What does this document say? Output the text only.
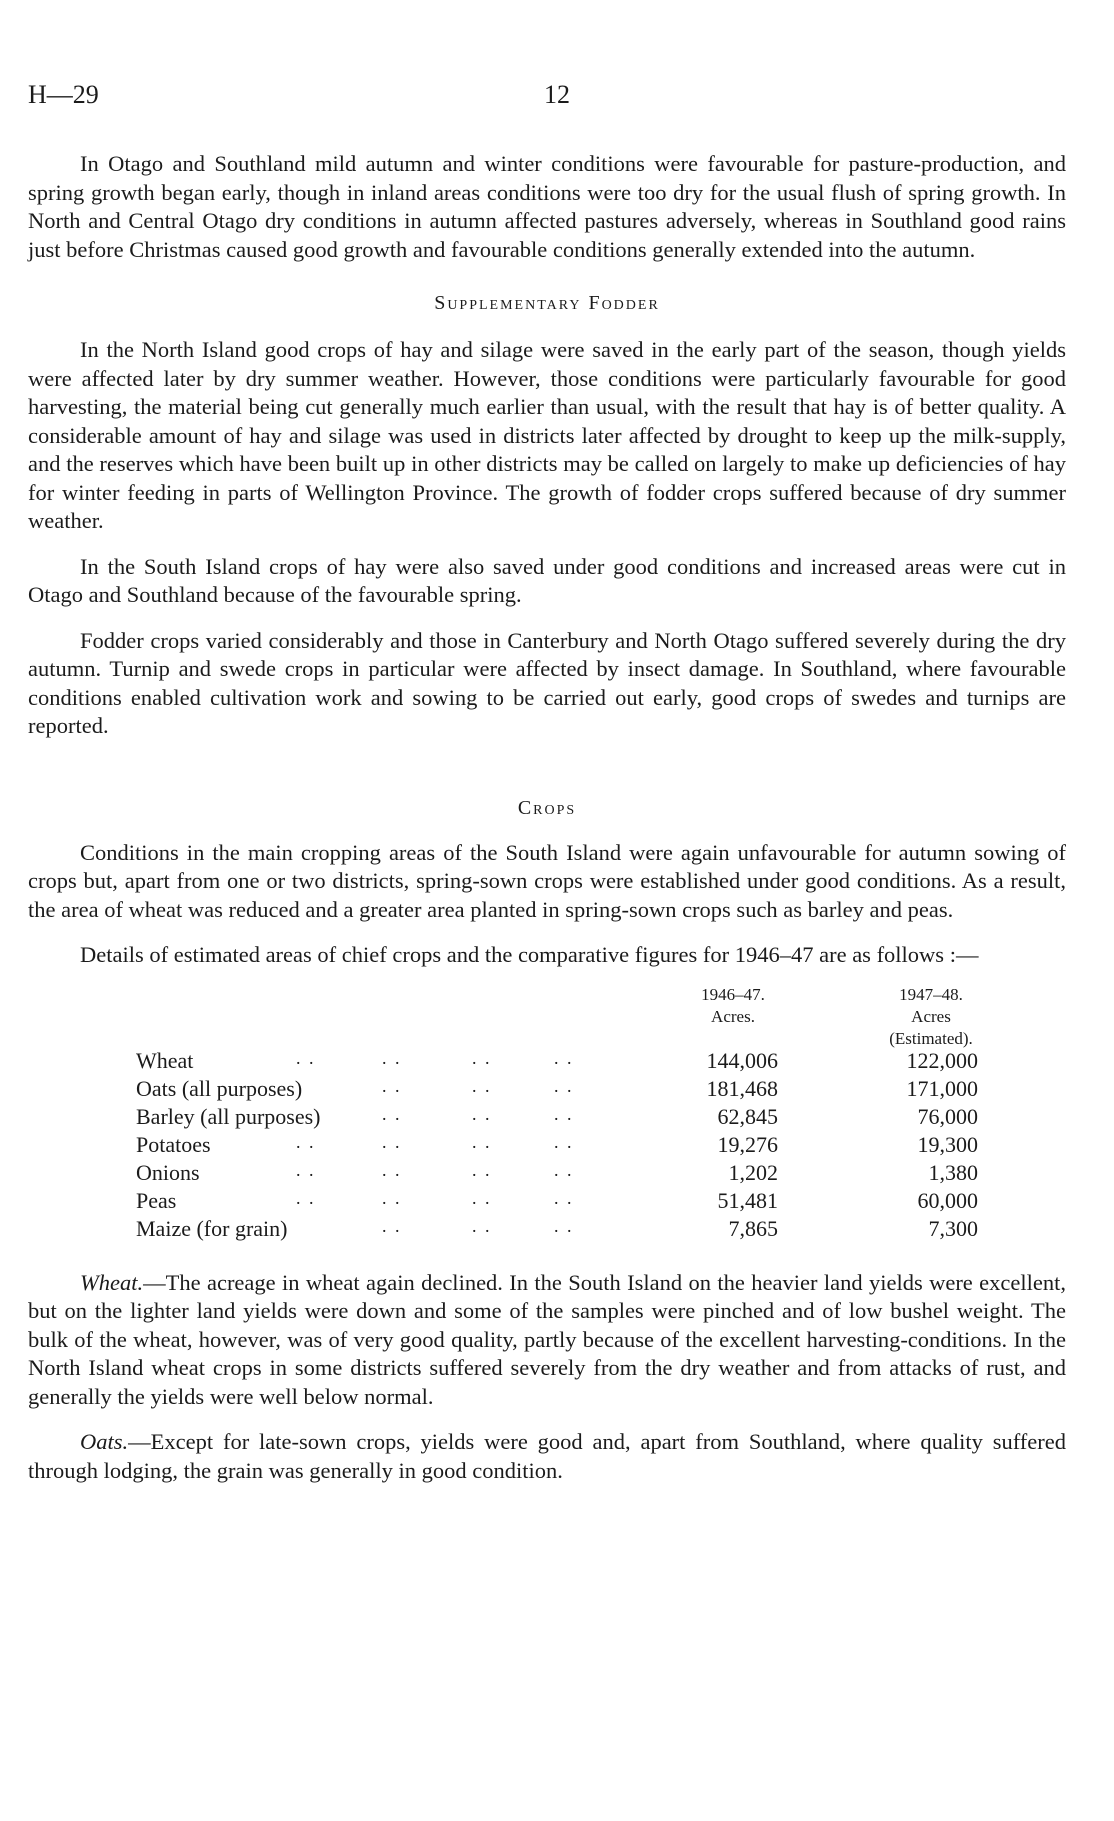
H—29	12

In Otago and Southland mild autumn and winter conditions were favourable for pasture-production, and spring growth began early, though in inland areas conditions were too dry for the usual flush of spring growth. In North and Central Otago dry conditions in autumn affected pastures adversely, whereas in Southland good rains just before Christmas caused good growth and favourable conditions generally extended into the autumn.

Supplementary Fodder

In the North Island good crops of hay and silage were saved in the early part of the season, though yields were affected later by dry summer weather. However, those conditions were particularly favourable for good harvesting, the material being cut generally much earlier than usual, with the result that hay is of better quality. A considerable amount of hay and silage was used in districts later affected by drought to keep up the milk-supply, and the reserves which have been built up in other districts may be called on largely to make up deficiencies of hay for winter feeding in parts of Wellington Province. The growth of fodder crops suffered because of dry summer weather.

In the South Island crops of hay were also saved under good conditions and increased areas were cut in Otago and Southland because of the favourable spring.

Fodder crops varied considerably and those in Canterbury and North Otago suffered severely during the dry autumn. Turnip and swede crops in particular were affected by insect damage. In Southland, where favourable conditions enabled cultivation work and sowing to be carried out early, good crops of swedes and turnips are reported.

Crops

Conditions in the main cropping areas of the South Island were again unfavourable for autumn sowing of crops but, apart from one or two districts, spring-sown crops were established under good conditions. As a result, the area of wheat was reduced and a greater area planted in spring-sown crops such as barley and peas.

Details of estimated areas of chief crops and the comparative figures for 1946–47 are as follows :—

1946–47.
Acres.
1947–48.
Acres
(Estimated).
Wheat	. .	. .	. .	. .	144,006	122,000
Oats (all purposes)	. .	. .	. .	181,468	171,000
Barley (all purposes)	. .	. .	. .	62,845	76,000
Potatoes	. .	. .	. .	. .	19,276	19,300
Onions	. .	. .	. .	. .	1,202	1,380
Peas	. .	. .	. .	. .	51,481	60,000
Maize (for grain)	. .	. .	. .	7,865	7,300

Wheat.—The acreage in wheat again declined. In the South Island on the heavier land yields were excellent, but on the lighter land yields were down and some of the samples were pinched and of low bushel weight. The bulk of the wheat, however, was of very good quality, partly because of the excellent harvesting-conditions. In the North Island wheat crops in some districts suffered severely from the dry weather and from attacks of rust, and generally the yields were well below normal.

Oats.—Except for late-sown crops, yields were good and, apart from Southland, where quality suffered through lodging, the grain was generally in good condition.
